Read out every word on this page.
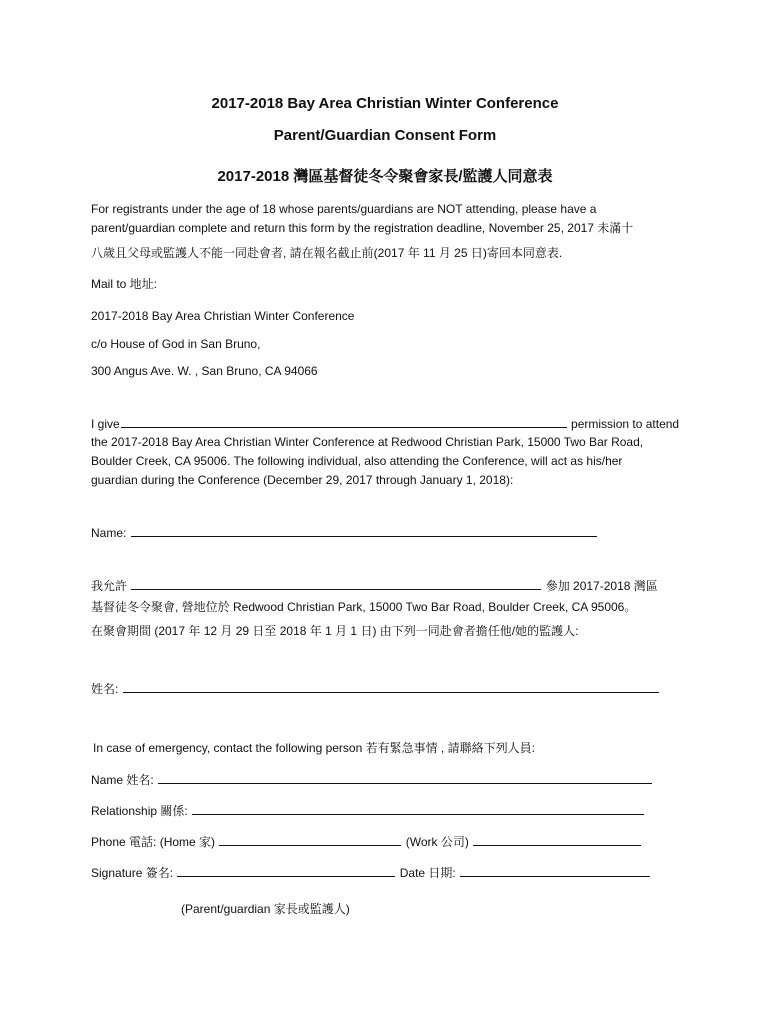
2017-2018 Bay Area Christian Winter Conference
Parent/Guardian Consent Form
2017-2018 灣區基督徒冬令聚會家長/監護人同意表
For registrants under the age of 18 whose parents/guardians are NOT attending, please have a
parent/guardian complete and return this form by the registration deadline, November 25, 2017 未滿十
八歲且父母或監護人不能一同赴會者, 請在報名截止前(2017 年 11 月 25 日)寄回本同意表.
Mail to 地址:
2017-2018 Bay Area Christian Winter Conference
c/o House of God in San Bruno,
300 Angus Ave. W. , San Bruno, CA 94066
I give	permission to attend
the 2017-2018 Bay Area Christian Winter Conference at Redwood Christian Park, 15000 Two Bar Road,
Boulder Creek, CA 95006. The following individual, also attending the Conference, will act as his/her
guardian during the Conference (December 29, 2017 through January 1, 2018):
Name:
我允許	參加 2017-2018 灣區
基督徒冬令聚會, 營地位於 Redwood Christian Park, 15000 Two Bar Road, Boulder Creek, CA 95006。
在聚會期間 (2017 年 12 月 29 日至 2018 年 1 月 1 日) 由下列一同赴會者擔任他/她的監護人:
姓名:
In case of emergency, contact the following person 若有緊急事情 , 請聯絡下列人員:
Name 姓名:
Relationship 關係:
Phone 電話: (Home 家)	(Work 公司)
Signature 簽名:	Date 日期:
(Parent/guardian 家長或監護人)
